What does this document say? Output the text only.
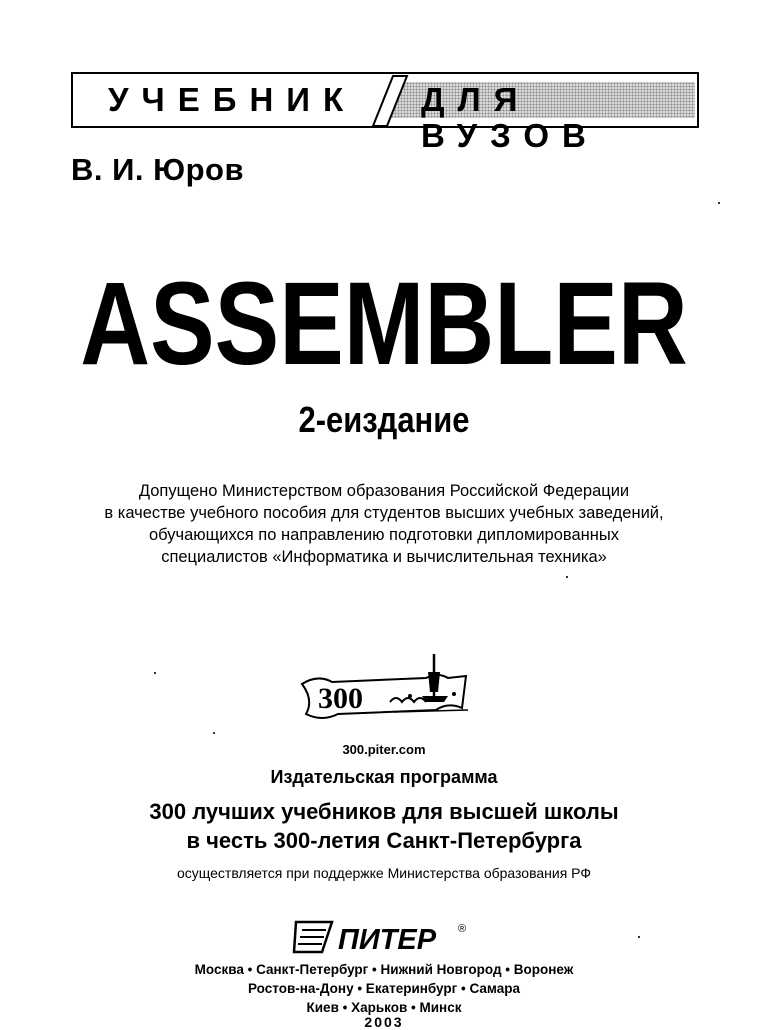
УЧЕБНИК	ДЛЯ ВУЗОВ
В. И. Юров
ASSEMBLER
2-еиздание
Допущено Министерством образования Российской Федерации
в качестве учебного пособия для студентов высших учебных заведений,
обучающихся по направлению подготовки дипломированных
специалистов «Информатика и вычислительная техника»
300
300.piter.com
Издательская программа
300 лучших учебников для высшей школы
в честь 300-летия Санкт-Петербурга
осуществляется при поддержке Министерства образования РФ
ПИТЕР ®
Москва • Санкт-Петербург • Нижний Новгород • Воронеж
Ростов-на-Дону • Екатеринбург • Самара
Киев • Харьков • Минск
2003
